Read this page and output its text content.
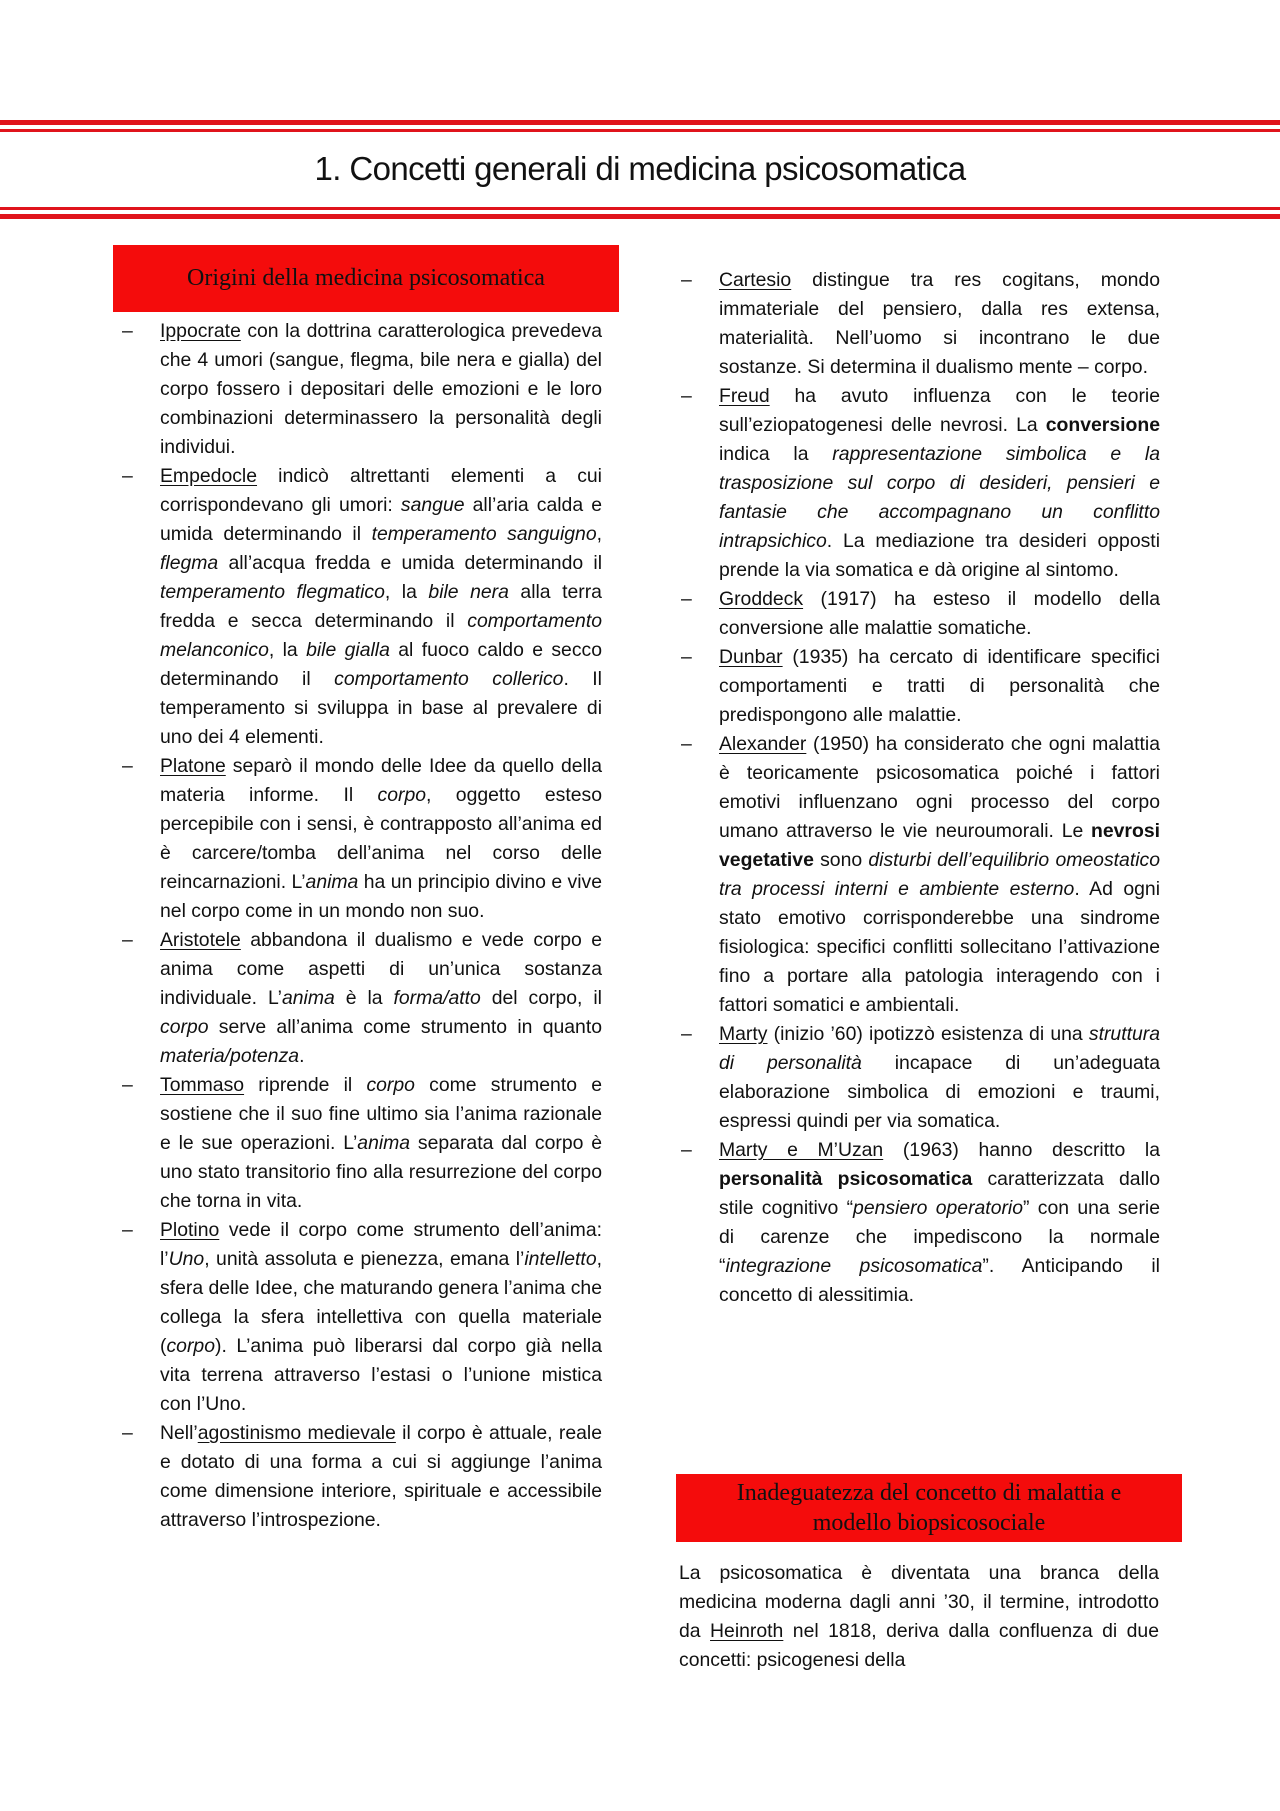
1. Concetti generali di medicina psicosomatica
Origini della medicina psicosomatica
– Ippocrate con la dottrina caratterologica prevedeva che 4 umori (sangue, flegma, bile nera e gialla) del corpo fossero i depositari delle emozioni e le loro combinazioni determinassero la personalità degli individui.
– Empedocle indicò altrettanti elementi a cui corrispondevano gli umori: sangue all’aria calda e umida determinando il temperamento sanguigno, flegma all’acqua fredda e umida determinando il temperamento flegmatico, la bile nera alla terra fredda e secca determinando il comportamento melanconico, la bile gialla al fuoco caldo e secco determinando il comportamento collerico. Il temperamento si sviluppa in base al prevalere di uno dei 4 elementi.
– Platone separò il mondo delle Idee da quello della materia informe. Il corpo, oggetto esteso percepibile con i sensi, è contrapposto all’anima ed è carcere/tomba dell’anima nel corso delle reincarnazioni. L’anima ha un principio divino e vive nel corpo come in un mondo non suo.
– Aristotele abbandona il dualismo e vede corpo e anima come aspetti di un’unica sostanza individuale. L’anima è la forma/atto del corpo, il corpo serve all’anima come strumento in quanto materia/potenza.
– Tommaso riprende il corpo come strumento e sostiene che il suo fine ultimo sia l’anima razionale e le sue operazioni. L’anima separata dal corpo è uno stato transitorio fino alla resurrezione del corpo che torna in vita.
– Plotino vede il corpo come strumento dell’anima: l’Uno, unità assoluta e pienezza, emana l’intelletto, sfera delle Idee, che maturando genera l’anima che collega la sfera intellettiva con quella materiale (corpo). L’anima può liberarsi dal corpo già nella vita terrena attraverso l’estasi o l’unione mistica con l’Uno.
– Nell’agostinismo medievale il corpo è attuale, reale e dotato di una forma a cui si aggiunge l’anima come dimensione interiore, spirituale e accessibile attraverso l’introspezione.
– Cartesio distingue tra res cogitans, mondo immateriale del pensiero, dalla res extensa, materialità. Nell’uomo si incontrano le due sostanze. Si determina il dualismo mente – corpo.
– Freud ha avuto influenza con le teorie sull’eziopatogenesi delle nevrosi. La conversione indica la rappresentazione simbolica e la trasposizione sul corpo di desideri, pensieri e fantasie che accompagnano un conflitto intrapsichico. La mediazione tra desideri opposti prende la via somatica e dà origine al sintomo.
– Groddeck (1917) ha esteso il modello della conversione alle malattie somatiche.
– Dunbar (1935) ha cercato di identificare specifici comportamenti e tratti di personalità che predispongono alle malattie.
– Alexander (1950) ha considerato che ogni malattia è teoricamente psicosomatica poiché i fattori emotivi influenzano ogni processo del corpo umano attraverso le vie neuroumorali. Le nevrosi vegetative sono disturbi dell’equilibrio omeostatico tra processi interni e ambiente esterno. Ad ogni stato emotivo corrisponderebbe una sindrome fisiologica: specifici conflitti sollecitano l’attivazione fino a portare alla patologia interagendo con i fattori somatici e ambientali.
– Marty (inizio ’60) ipotizzò esistenza di una struttura di personalità incapace di un’adeguata elaborazione simbolica di emozioni e traumi, espressi quindi per via somatica.
– Marty e M’Uzan (1963) hanno descritto la personalità psicosomatica caratterizzata dallo stile cognitivo “pensiero operatorio” con una serie di carenze che impediscono la normale “integrazione psicosomatica”. Anticipando il concetto di alessitimia.
Inadeguatezza del concetto di malattia e
modello biopsicosociale

La psicosomatica è diventata una branca della medicina moderna dagli anni ’30, il termine, introdotto da Heinroth nel 1818, deriva dalla confluenza di due concetti: psicogenesi della
